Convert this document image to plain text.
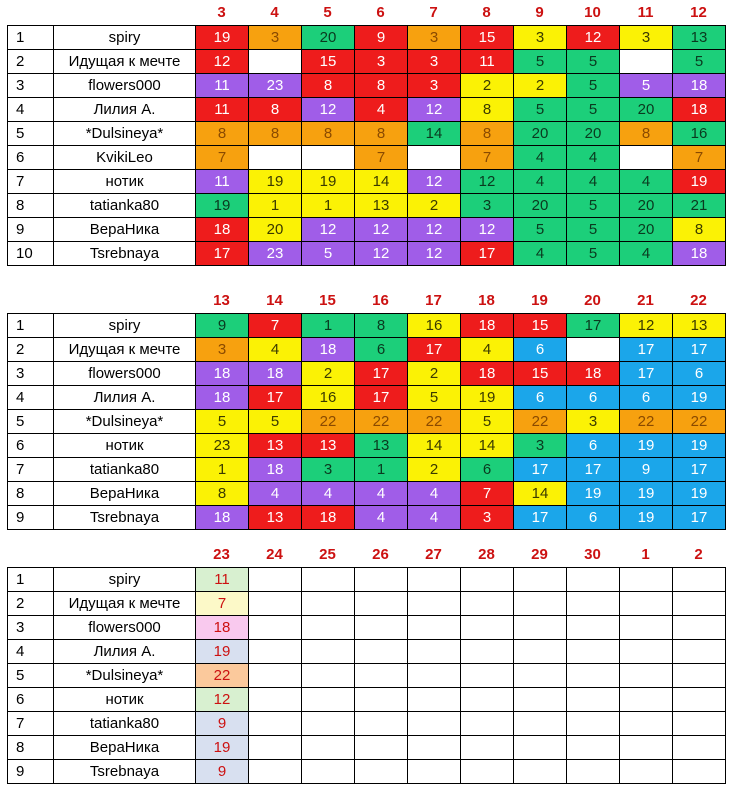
3	4	5	6	7	8	9	10	11	12
1	spiry	19	3	20	9	3	15	3	12	3	13
2	Идущая к мечте	12		15	3	3	11	5	5		5
3	flowers000	11	23	8	8	3	2	2	5	5	18
4	Лилия А.	11	8	12	4	12	8	5	5	20	18
5	*Dulsineya*	8	8	8	8	14	8	20	20	8	16
6	KvikiLeo	7			7		7	4	4		7
7	нотик	11	19	19	14	12	12	4	4	4	19
8	tatianka80	19	1	1	13	2	3	20	5	20	21
9	ВераНика	18	20	12	12	12	12	5	5	20	8
10	Tsrebnaya	17	23	5	12	12	17	4	5	4	18
13	14	15	16	17	18	19	20	21	22
1	spiry	9	7	1	8	16	18	15	17	12	13
2	Идущая к мечте	3	4	18	6	17	4	6		17	17
3	flowers000	18	18	2	17	2	18	15	18	17	6
4	Лилия А.	18	17	16	17	5	19	6	6	6	19
5	*Dulsineya*	5	5	22	22	22	5	22	3	22	22
6	нотик	23	13	13	13	14	14	3	6	19	19
7	tatianka80	1	18	3	1	2	6	17	17	9	17
8	ВераНика	8	4	4	4	4	7	14	19	19	19
9	Tsrebnaya	18	13	18	4	4	3	17	6	19	17
23	24	25	26	27	28	29	30	1	2
1	spiry	11									
2	Идущая к мечте	7									
3	flowers000	18									
4	Лилия А.	19									
5	*Dulsineya*	22									
6	нотик	12									
7	tatianka80	9									
8	ВераНика	19									
9	Tsrebnaya	9									
